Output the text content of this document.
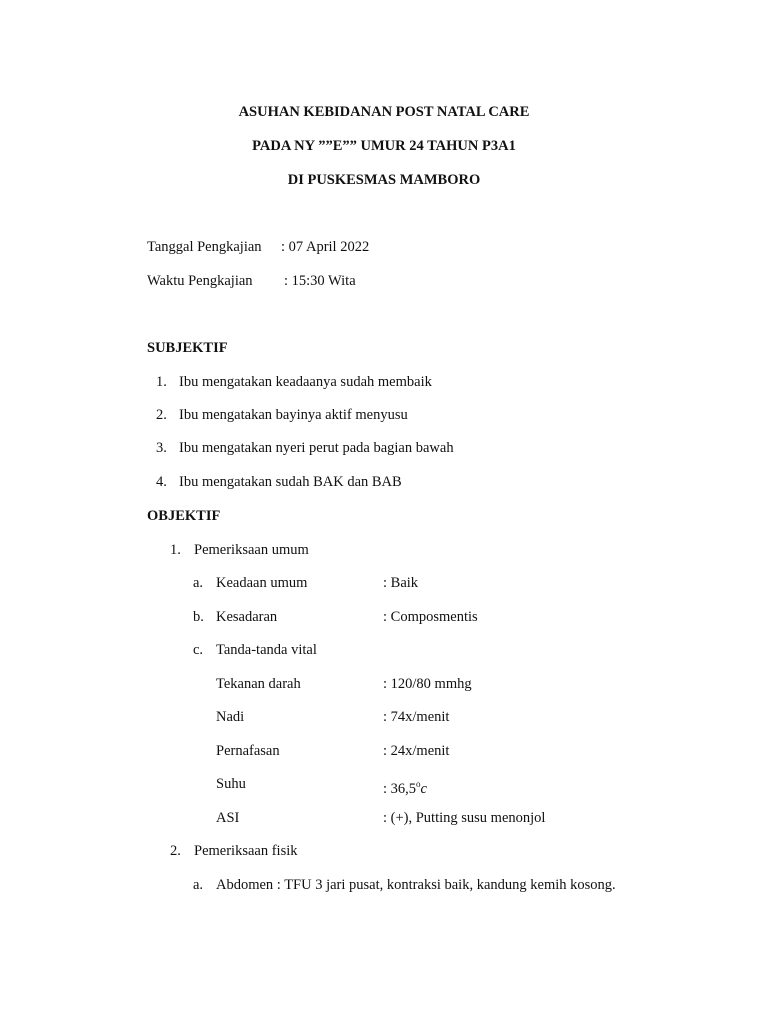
ASUHAN KEBIDANAN POST NATAL CARE
PADA NY ””E”” UMUR 24 TAHUN P3A1
DI PUSKESMAS MAMBORO
Tanggal Pengkajian : 07 April 2022
Waktu Pengkajian : 15:30 Wita
SUBJEKTIF
1. Ibu mengatakan keadaanya sudah membaik
2. Ibu mengatakan bayinya aktif menyusu
3. Ibu mengatakan nyeri perut pada bagian bawah
4. Ibu mengatakan sudah BAK dan BAB
OBJEKTIF
1. Pemeriksaan umum
a. Keadaan umum	: Baik
b. Kesadaran	: Composmentis
c. Tanda-tanda vital
Tekanan darah	: 120/80 mmhg
Nadi	: 74x/menit
Pernafasan	: 24x/menit
Suhu	: 36,5$^o$c
ASI	: (+), Putting susu menonjol
2. Pemeriksaan fisik
a. Abdomen : TFU 3 jari pusat, kontraksi baik, kandung kemih kosong.
